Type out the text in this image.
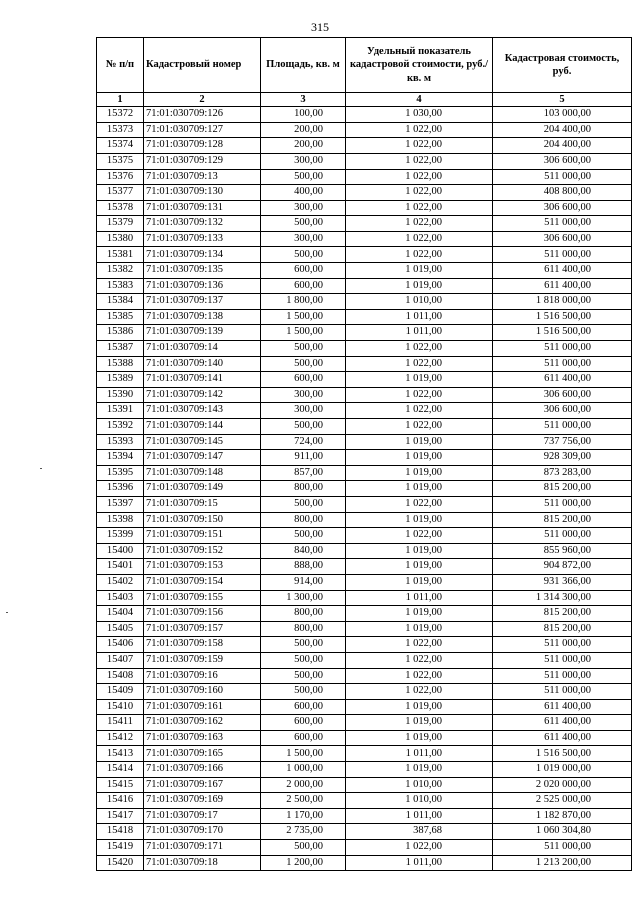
315
№ п/п	Кадастровый номер	Площадь, кв. м	Удельный показатель кадастровой стоимости, руб./кв. м	Кадастровая стоимость, руб.
1	2	3	4	5
15372	71:01:030709:126	100,00	1 030,00	103 000,00
15373	71:01:030709:127	200,00	1 022,00	204 400,00
15374	71:01:030709:128	200,00	1 022,00	204 400,00
15375	71:01:030709:129	300,00	1 022,00	306 600,00
15376	71:01:030709:13	500,00	1 022,00	511 000,00
15377	71:01:030709:130	400,00	1 022,00	408 800,00
15378	71:01:030709:131	300,00	1 022,00	306 600,00
15379	71:01:030709:132	500,00	1 022,00	511 000,00
15380	71:01:030709:133	300,00	1 022,00	306 600,00
15381	71:01:030709:134	500,00	1 022,00	511 000,00
15382	71:01:030709:135	600,00	1 019,00	611 400,00
15383	71:01:030709:136	600,00	1 019,00	611 400,00
15384	71:01:030709:137	1 800,00	1 010,00	1 818 000,00
15385	71:01:030709:138	1 500,00	1 011,00	1 516 500,00
15386	71:01:030709:139	1 500,00	1 011,00	1 516 500,00
15387	71:01:030709:14	500,00	1 022,00	511 000,00
15388	71:01:030709:140	500,00	1 022,00	511 000,00
15389	71:01:030709:141	600,00	1 019,00	611 400,00
15390	71:01:030709:142	300,00	1 022,00	306 600,00
15391	71:01:030709:143	300,00	1 022,00	306 600,00
15392	71:01:030709:144	500,00	1 022,00	511 000,00
15393	71:01:030709:145	724,00	1 019,00	737 756,00
15394	71:01:030709:147	911,00	1 019,00	928 309,00
15395	71:01:030709:148	857,00	1 019,00	873 283,00
15396	71:01:030709:149	800,00	1 019,00	815 200,00
15397	71:01:030709:15	500,00	1 022,00	511 000,00
15398	71:01:030709:150	800,00	1 019,00	815 200,00
15399	71:01:030709:151	500,00	1 022,00	511 000,00
15400	71:01:030709:152	840,00	1 019,00	855 960,00
15401	71:01:030709:153	888,00	1 019,00	904 872,00
15402	71:01:030709:154	914,00	1 019,00	931 366,00
15403	71:01:030709:155	1 300,00	1 011,00	1 314 300,00
15404	71:01:030709:156	800,00	1 019,00	815 200,00
15405	71:01:030709:157	800,00	1 019,00	815 200,00
15406	71:01:030709:158	500,00	1 022,00	511 000,00
15407	71:01:030709:159	500,00	1 022,00	511 000,00
15408	71:01:030709:16	500,00	1 022,00	511 000,00
15409	71:01:030709:160	500,00	1 022,00	511 000,00
15410	71:01:030709:161	600,00	1 019,00	611 400,00
15411	71:01:030709:162	600,00	1 019,00	611 400,00
15412	71:01:030709:163	600,00	1 019,00	611 400,00
15413	71:01:030709:165	1 500,00	1 011,00	1 516 500,00
15414	71:01:030709:166	1 000,00	1 019,00	1 019 000,00
15415	71:01:030709:167	2 000,00	1 010,00	2 020 000,00
15416	71:01:030709:169	2 500,00	1 010,00	2 525 000,00
15417	71:01:030709:17	1 170,00	1 011,00	1 182 870,00
15418	71:01:030709:170	2 735,00	387,68	1 060 304,80
15419	71:01:030709:171	500,00	1 022,00	511 000,00
15420	71:01:030709:18	1 200,00	1 011,00	1 213 200,00
